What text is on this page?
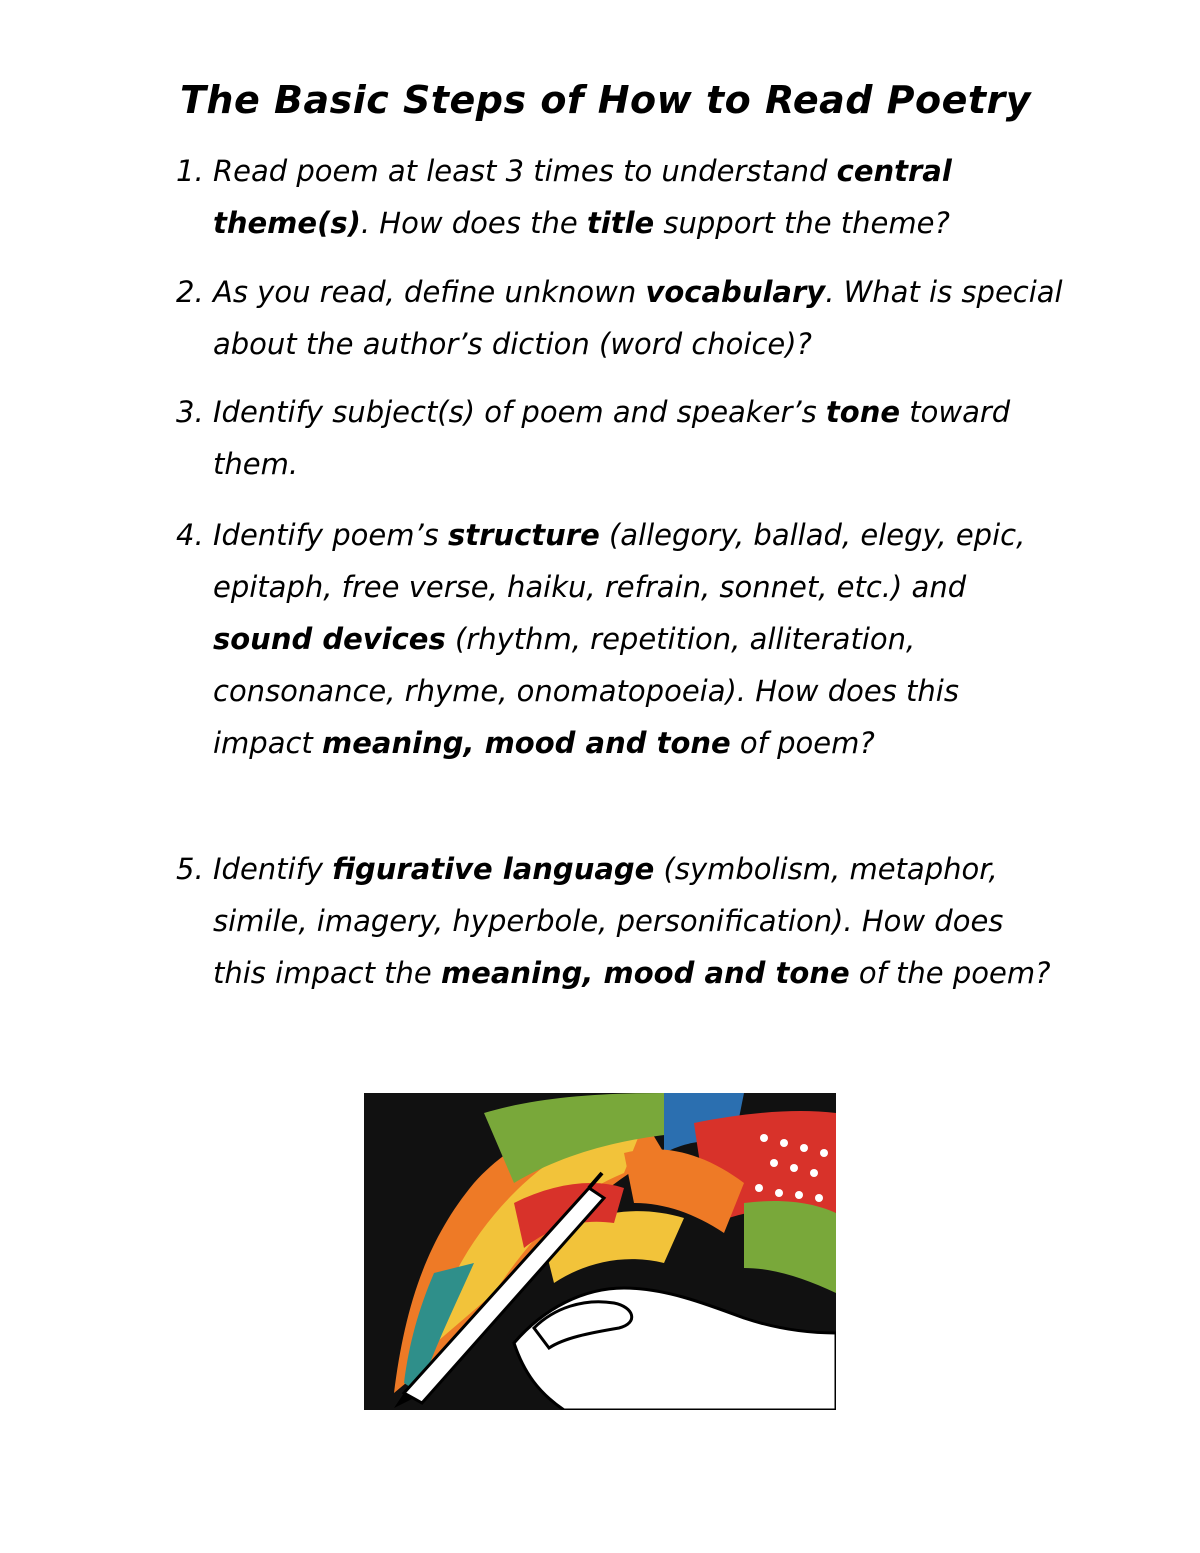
The Basic Steps of How to Read Poetry
1. Read poem at least 3 times to understand central theme(s). How does the title support the theme?
2. As you read, define unknown vocabulary. What is special about the author’s diction (word choice)?
3. Identify subject(s) of poem and speaker’s tone toward them.
4. Identify poem’s structure (allegory, ballad, elegy, epic, epitaph, free verse, haiku, refrain, sonnet, etc.) and sound devices (rhythm, repetition, alliteration, consonance, rhyme, onomatopoeia). How does this impact meaning, mood and tone of poem?
5. Identify figurative language (symbolism, metaphor, simile, imagery, hyperbole, personification). How does this impact the meaning, mood and tone of the poem?
